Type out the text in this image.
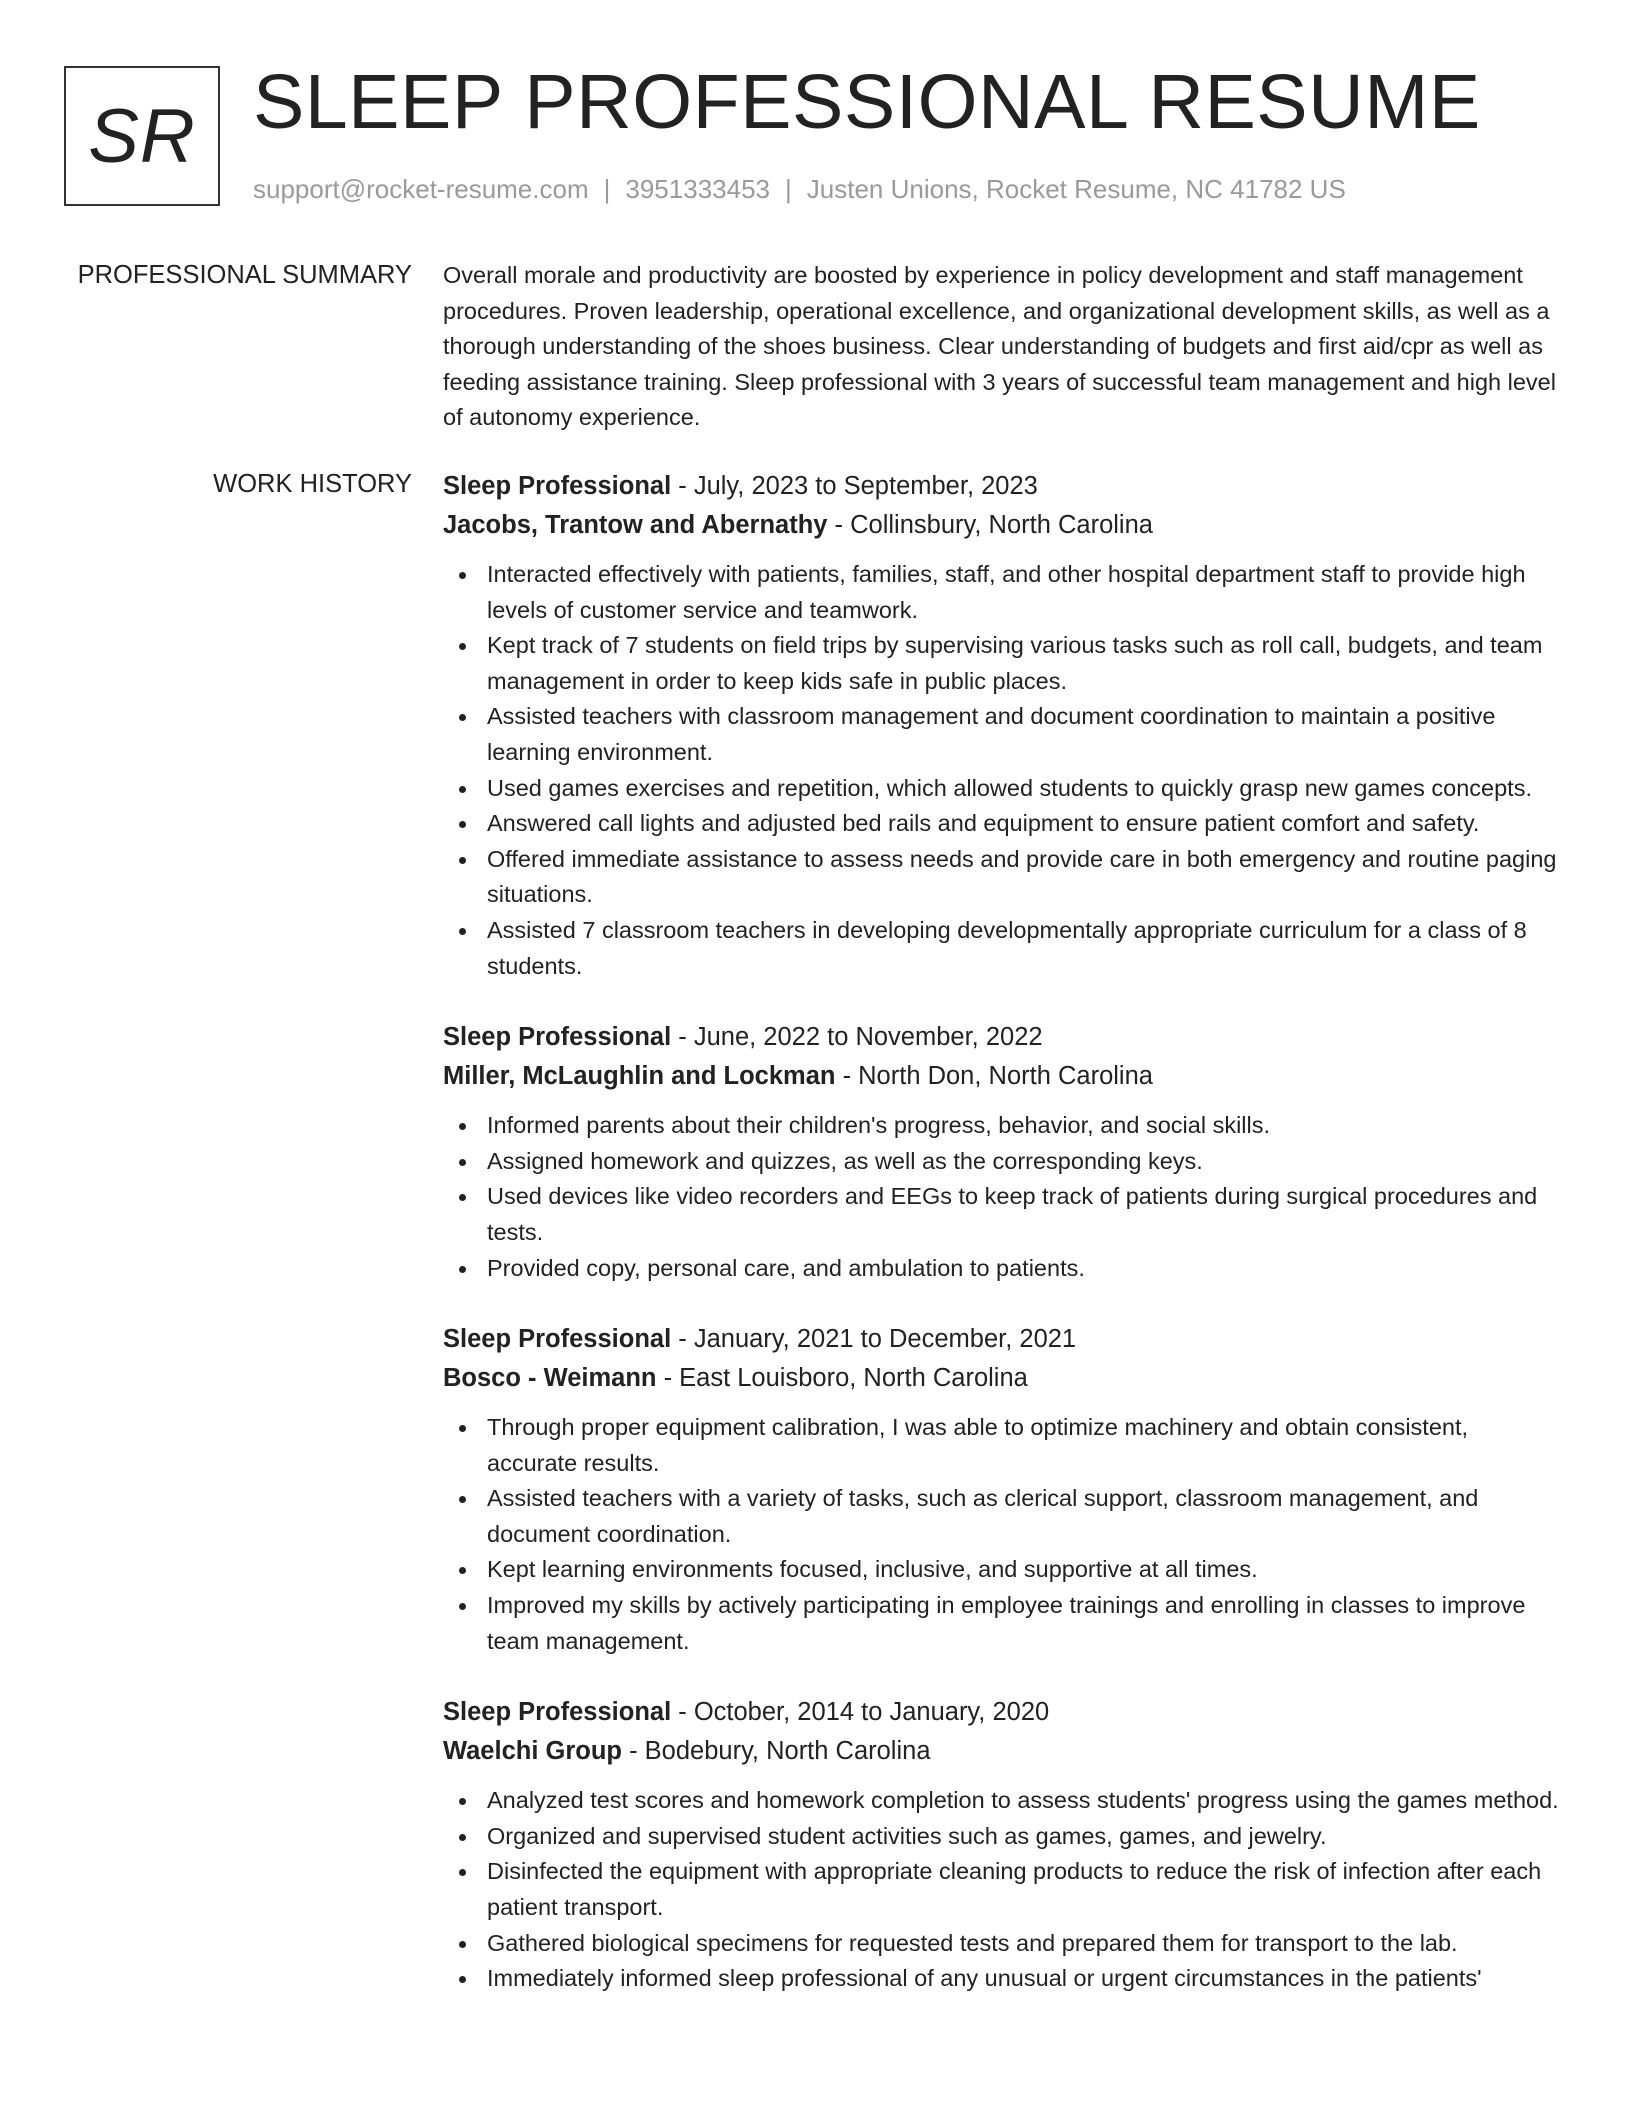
SR SLEEP PROFESSIONAL RESUME
support@rocket-resume.com | 3951333453 | Justen Unions, Rocket Resume, NC 41782 US
PROFESSIONAL SUMMARY Overall morale and productivity are boosted by experience in policy development and staff management procedures. Proven leadership, operational excellence, and organizational development skills, as well as a thorough understanding of the shoes business. Clear understanding of budgets and first aid/cpr as well as feeding assistance training. Sleep professional with 3 years of successful team management and high level of autonomy experience.

WORK HISTORY Sleep Professional - July, 2023 to September, 2023
Jacobs, Trantow and Abernathy - Collinsbury, North Carolina
Interacted effectively with patients, families, staff, and other hospital department staff to provide high levels of customer service and teamwork.
Kept track of 7 students on field trips by supervising various tasks such as roll call, budgets, and team management in order to keep kids safe in public places.
Assisted teachers with classroom management and document coordination to maintain a positive learning environment.
Used games exercises and repetition, which allowed students to quickly grasp new games concepts.
Answered call lights and adjusted bed rails and equipment to ensure patient comfort and safety.
Offered immediate assistance to assess needs and provide care in both emergency and routine paging situations.
Assisted 7 classroom teachers in developing developmentally appropriate curriculum for a class of 8 students.
Sleep Professional - June, 2022 to November, 2022
Miller, McLaughlin and Lockman - North Don, North Carolina
Informed parents about their children's progress, behavior, and social skills.
Assigned homework and quizzes, as well as the corresponding keys.
Used devices like video recorders and EEGs to keep track of patients during surgical procedures and tests.
Provided copy, personal care, and ambulation to patients.
Sleep Professional - January, 2021 to December, 2021
Bosco - Weimann - East Louisboro, North Carolina
Through proper equipment calibration, I was able to optimize machinery and obtain consistent, accurate results.
Assisted teachers with a variety of tasks, such as clerical support, classroom management, and document coordination.
Kept learning environments focused, inclusive, and supportive at all times.
Improved my skills by actively participating in employee trainings and enrolling in classes to improve team management.
Sleep Professional - October, 2014 to January, 2020
Waelchi Group - Bodebury, North Carolina
Analyzed test scores and homework completion to assess students' progress using the games method.
Organized and supervised student activities such as games, games, and jewelry.
Disinfected the equipment with appropriate cleaning products to reduce the risk of infection after each patient transport.
Gathered biological specimens for requested tests and prepared them for transport to the lab.
Immediately informed sleep professional of any unusual or urgent circumstances in the patients'
